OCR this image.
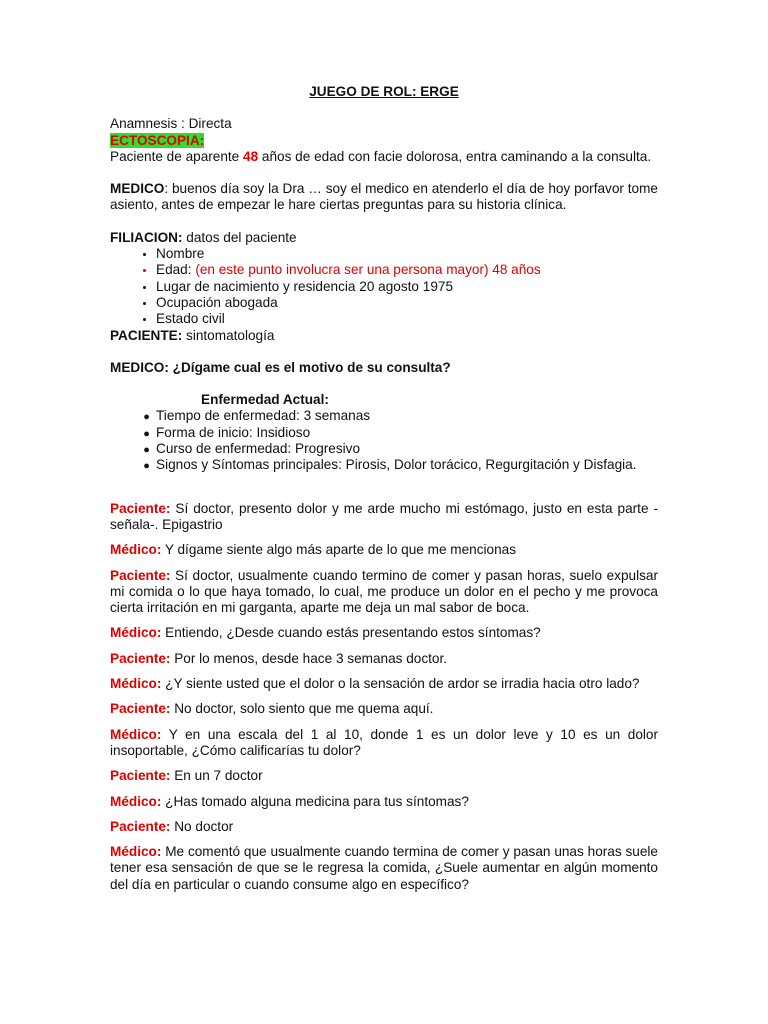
JUEGO DE ROL: ERGE

Anamnesis : Directa

ECTOSCOPIA:

Paciente de aparente 48 años de edad con facie dolorosa, entra caminando a la consulta.

MEDICO: buenos día soy la Dra … soy el medico en atenderlo el día de hoy porfavor tome asiento, antes de empezar le hare ciertas preguntas para su historia clínica.

FILIACION: datos del paciente

• Nombre
• Edad: (en este punto involucra ser una persona mayor) 48 años
• Lugar de nacimiento y residencia 20 agosto 1975
• Ocupación abogada
• Estado civil

PACIENTE: sintomatología

MEDICO: ¿Dígame cual es el motivo de su consulta?

Enfermedad Actual:

● Tiempo de enfermedad: 3 semanas
● Forma de inicio: Insidioso
● Curso de enfermedad: Progresivo
● Signos y Síntomas principales: Pirosis, Dolor torácico, Regurgitación y Disfagia.

Paciente: Sí doctor, presento dolor y me arde mucho mi estómago, justo en esta parte -señala-. Epigastrio

Médico: Y dígame siente algo más aparte de lo que me mencionas

Paciente: Sí doctor, usualmente cuando termino de comer y pasan horas, suelo expulsar mi comida o lo que haya tomado, lo cual, me produce un dolor en el pecho y me provoca cierta irritación en mi garganta, aparte me deja un mal sabor de boca.

Médico: Entiendo, ¿Desde cuando estás presentando estos síntomas?

Paciente: Por lo menos, desde hace 3 semanas doctor.

Médico: ¿Y siente usted que el dolor o la sensación de ardor se irradia hacia otro lado?

Paciente: No doctor, solo siento que me quema aquí.

Médico: Y en una escala del 1 al 10, donde 1 es un dolor leve y 10 es un dolor insoportable, ¿Cómo calificarías tu dolor?

Paciente: En un 7 doctor

Médico: ¿Has tomado alguna medicina para tus síntomas?

Paciente: No doctor

Médico: Me comentó que usualmente cuando termina de comer y pasan unas horas suele tener esa sensación de que se le regresa la comida, ¿Suele aumentar en algún momento del día en particular o cuando consume algo en específico?
